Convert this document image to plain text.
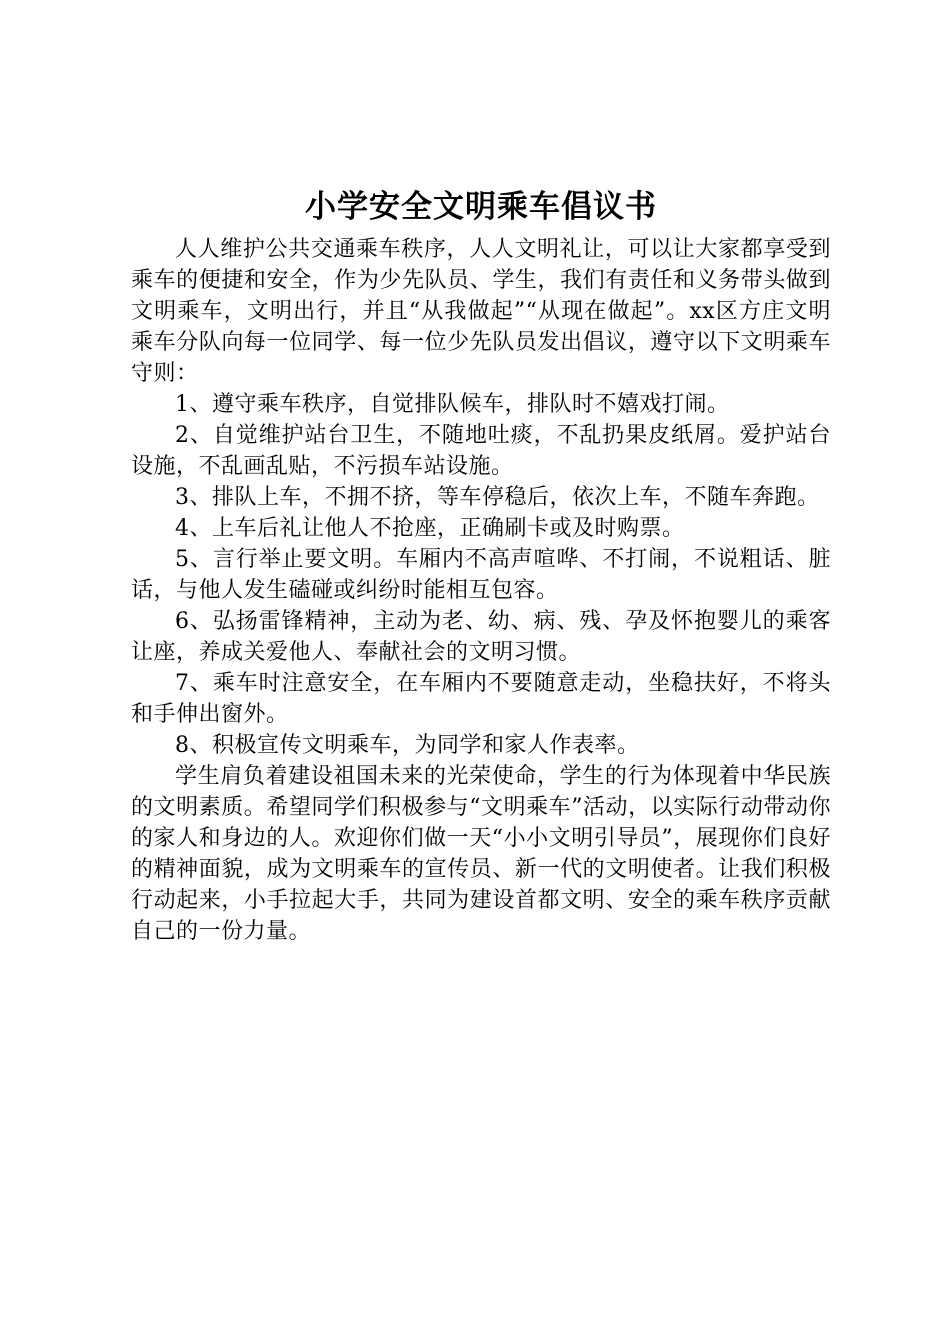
小学安全文明乘车倡议书

人人维护公共交通乘车秩序，人人文明礼让，可以让大家都享受到乘车的便捷和安全，作为少先队员、学生，我们有责任和义务带头做到文明乘车，文明出行，并且“从我做起”“从现在做起”。xx区方庄文明乘车分队向每一位同学、每一位少先队员发出倡议，遵守以下文明乘车守则：

1、遵守乘车秩序，自觉排队候车，排队时不嬉戏打闹。

2、自觉维护站台卫生，不随地吐痰，不乱扔果皮纸屑。爱护站台设施，不乱画乱贴，不污损车站设施。

3、排队上车，不拥不挤，等车停稳后，依次上车，不随车奔跑。

4、上车后礼让他人不抢座，正确刷卡或及时购票。

5、言行举止要文明。车厢内不高声喧哗、不打闹，不说粗话、脏话，与他人发生磕碰或纠纷时能相互包容。

6、弘扬雷锋精神，主动为老、幼、病、残、孕及怀抱婴儿的乘客让座，养成关爱他人、奉献社会的文明习惯。

7、乘车时注意安全，在车厢内不要随意走动，坐稳扶好，不将头和手伸出窗外。

8、积极宣传文明乘车，为同学和家人作表率。

学生肩负着建设祖国未来的光荣使命，学生的行为体现着中华民族的文明素质。希望同学们积极参与“文明乘车”活动，以实际行动带动你的家人和身边的人。欢迎你们做一天“小小文明引导员”，展现你们良好的精神面貌，成为文明乘车的宣传员、新一代的文明使者。让我们积极行动起来，小手拉起大手，共同为建设首都文明、安全的乘车秩序贡献自己的一份力量。
